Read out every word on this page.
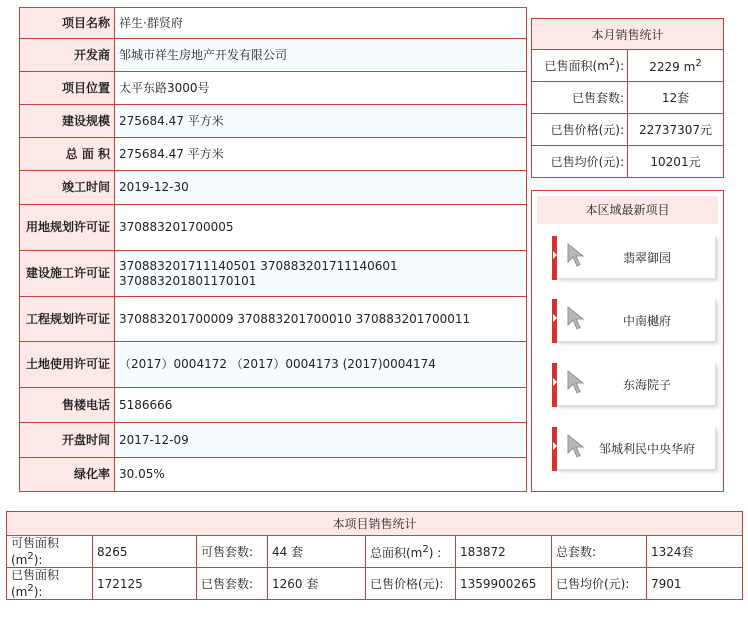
项目名称	祥生·群贤府
开发商	邹城市祥生房地产开发有限公司
项目位置	太平东路3000号
建设规模	275684.47 平方米
总 面 积	275684.47 平方米
竣工时间	2019-12-30
用地规划许可证	370883201700005
建设施工许可证	370883201711140501 370883201711140601 370883201801170101
工程规划许可证	370883201700009 370883201700010 370883201700011
土地使用许可证	（2017）0004172 （2017）0004173 (2017)0004174
售楼电话	5186666
开盘时间	2017-12-09
绿化率	30.05%
本月销售统计	
已售面积$(m^2)$:	2229 $m^2$
已售套数:	12套
已售价格(元):	22737307元
已售均价(元):	10201元
本区域最新项目
翡翠御园
中南樾府
东海院子
邹城利民中央华府
本项目销售统计							
可售面积$(m^2)$:	8265	可售套数:	44 套	总面积$(m^2)$ :	183872	总套数:	1324套
已售面积$(m^2)$:	172125	已售套数:	1260 套	已售价格(元):	1359900265	已售均价(元):	7901
